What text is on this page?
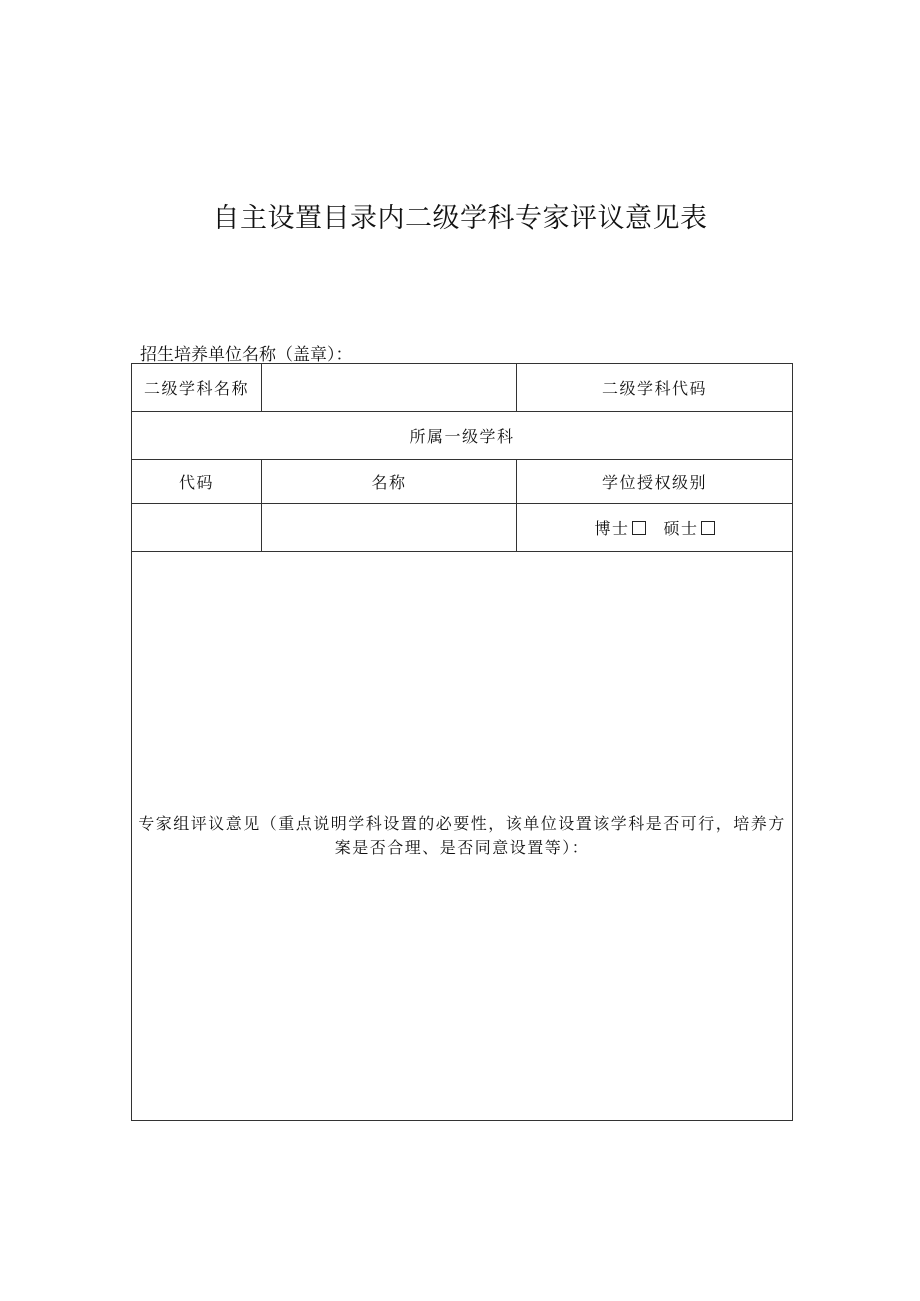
自主设置目录内二级学科专家评议意见表

招生培养单位名称（盖章）：

二级学科名称		二级学科代码
所属一级学科		
代码	名称	学位授权级别
		博士 硕士
专家组评议意见（重点说明学科设置的必要性，该单位设置该学科是否可行，培养方案是否合理、是否同意设置等）：		
